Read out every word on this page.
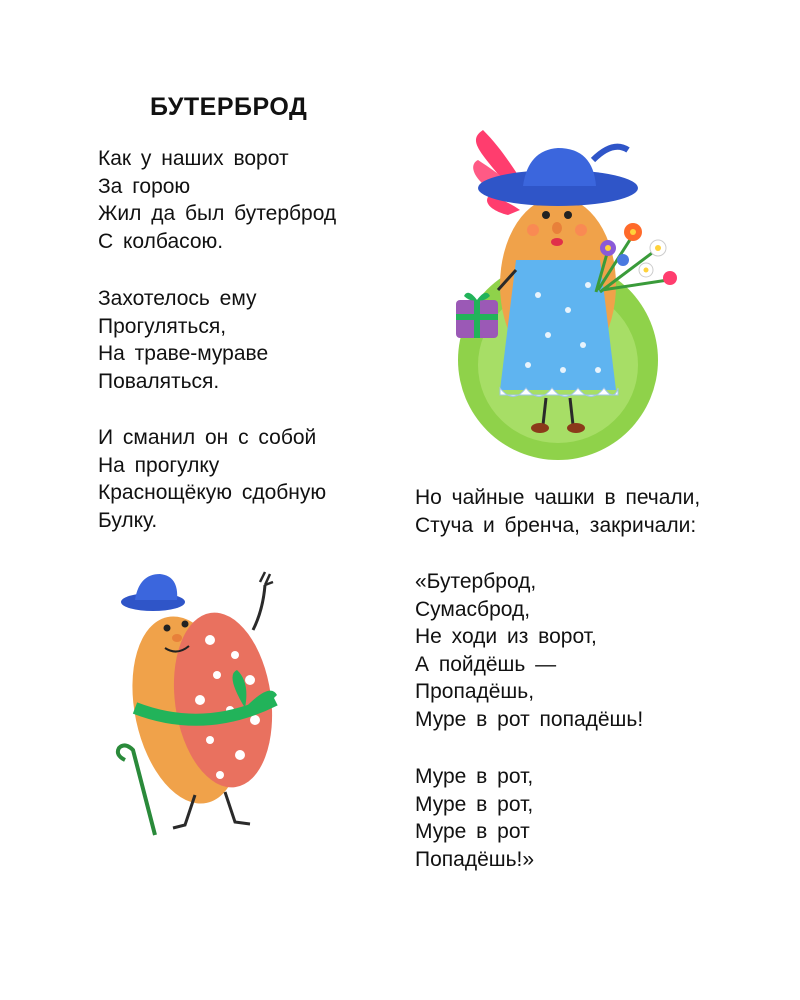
БУТЕРБРОД
Как у наших ворот
За горою
Жил да был бутерброд
С колбасою.
Захотелось ему
Прогуляться,
На траве-мураве
Поваляться.
И сманил он с собой
На прогулку
Краснощёкую сдобную
Булку.
Но чайные чашки в печали,
Стуча и бренча, закричали:
«Бутерброд,
Сумасброд,
Не ходи из ворот,
А пойдёшь —
Пропадёшь,
Муре в рот попадёшь!
Муре в рот,
Муре в рот,
Муре в рот
Попадёшь!»
